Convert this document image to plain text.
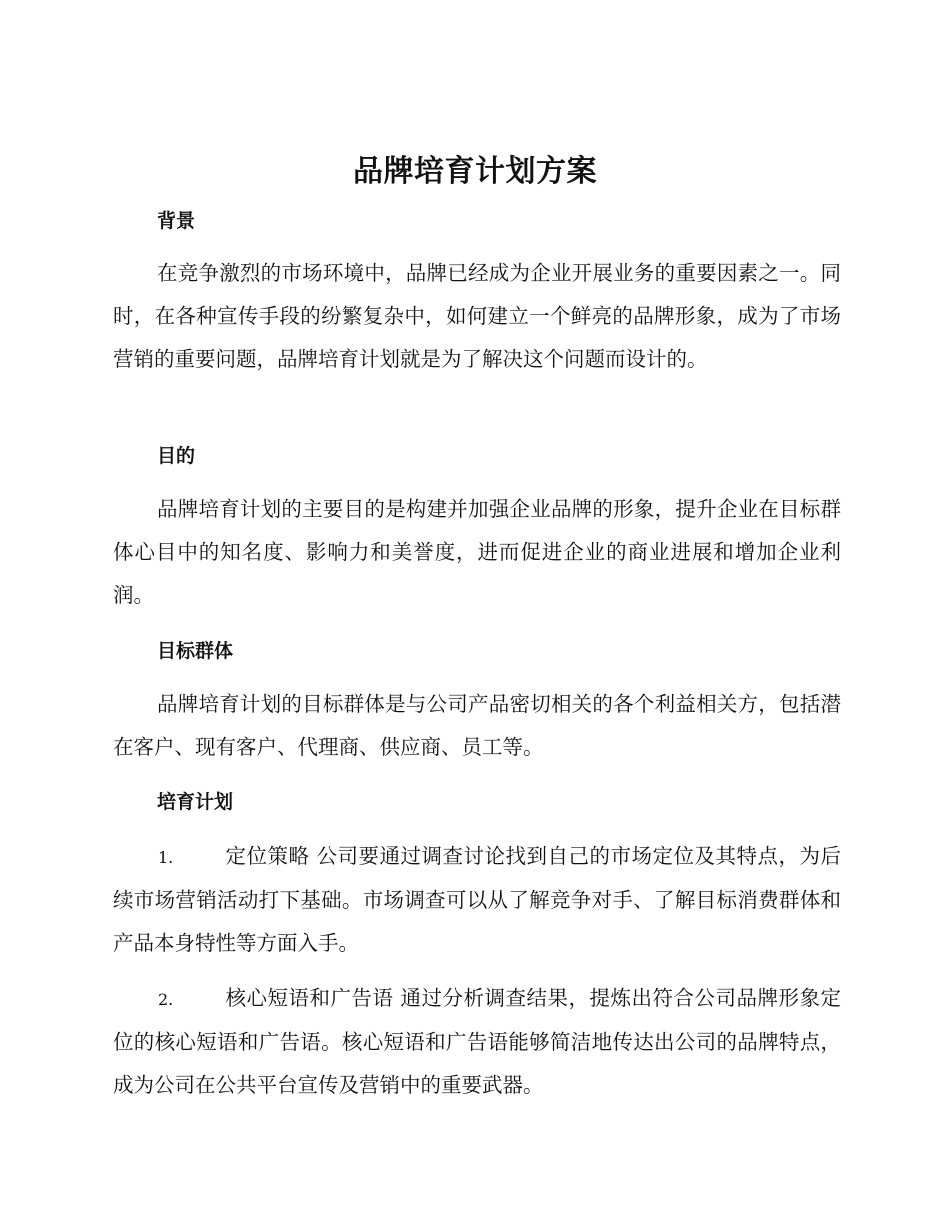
品牌培育计划方案
背景

在竞争激烈的市场环境中，品牌已经成为企业开展业务的重要因素之一。同时，在各种宣传手段的纷繁复杂中，如何建立一个鲜亮的品牌形象，成为了市场营销的重要问题，品牌培育计划就是为了解决这个问题而设计的。

目的

品牌培育计划的主要目的是构建并加强企业品牌的形象，提升企业在目标群体心目中的知名度、影响力和美誉度，进而促进企业的商业进展和增加企业利润。

目标群体

品牌培育计划的目标群体是与公司产品密切相关的各个利益相关方，包括潜在客户、现有客户、代理商、供应商、员工等。

培育计划

1.	定位策略 公司要通过调查讨论找到自己的市场定位及其特点，为后续市场营销活动打下基础。市场调查可以从了解竞争对手、了解目标消费群体和产品本身特性等方面入手。

2.	核心短语和广告语 通过分析调查结果，提炼出符合公司品牌形象定位的核心短语和广告语。核心短语和广告语能够简洁地传达出公司的品牌特点，成为公司在公共平台宣传及营销中的重要武器。
